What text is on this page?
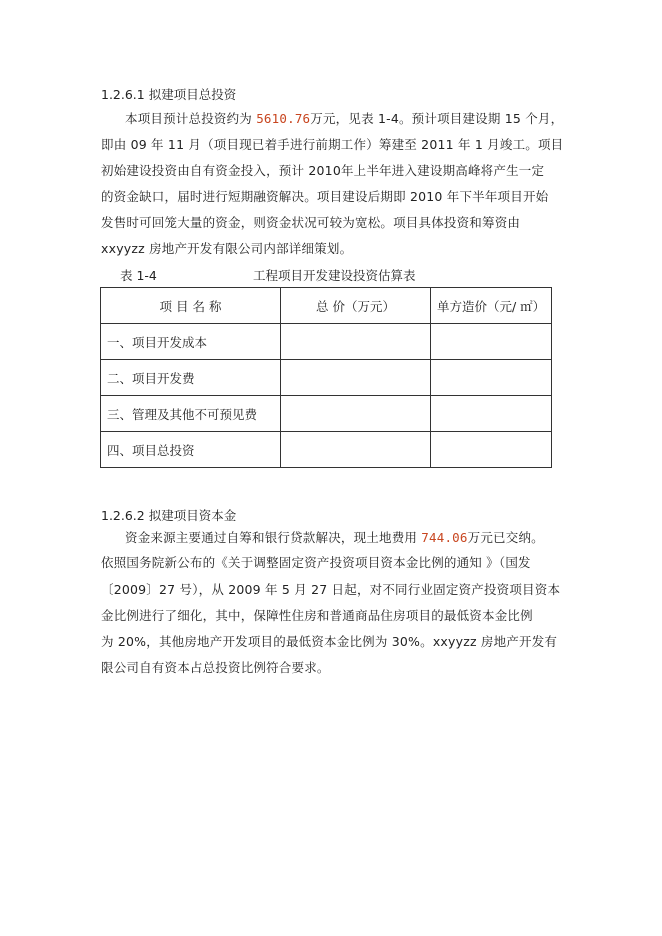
1.2.6.1 拟建项目总投资
本项目预计总投资约为 5610.76万元，见表 1-4。预计项目建设期 15 个月，
即由 09 年 11 月（项目现已着手进行前期工作）筹建至 2011 年 1 月竣工。项目
初始建设投资由自有资金投入，预计 2010年上半年进入建设期高峰将产生一定
的资金缺口，届时进行短期融资解决。项目建设后期即 2010 年下半年项目开始
发售时可回笼大量的资金，则资金状况可较为宽松。项目具体投资和筹资由
xxyyzz 房地产开发有限公司内部详细策划。
表 1-4	工程项目开发建设投资估算表
项 目 名 称	总 价（万元）	单方造价（元/ ㎡）
一、项目开发成本		
二、项目开发费		
三、管理及其他不可预见费		
四、项目总投资		
1.2.6.2 拟建项目资本金
资金来源主要通过自筹和银行贷款解决，现土地费用 744.06万元已交纳。
依照国务院新公布的《关于调整固定资产投资项目资本金比例的通知 》（国发
〔2009〕27 号），从 2009 年 5 月 27 日起，对不同行业固定资产投资项目资本
金比例进行了细化，其中，保障性住房和普通商品住房项目的最低资本金比例
为 20%，其他房地产开发项目的最低资本金比例为 30%。xxyyzz 房地产开发有
限公司自有资本占总投资比例符合要求。
